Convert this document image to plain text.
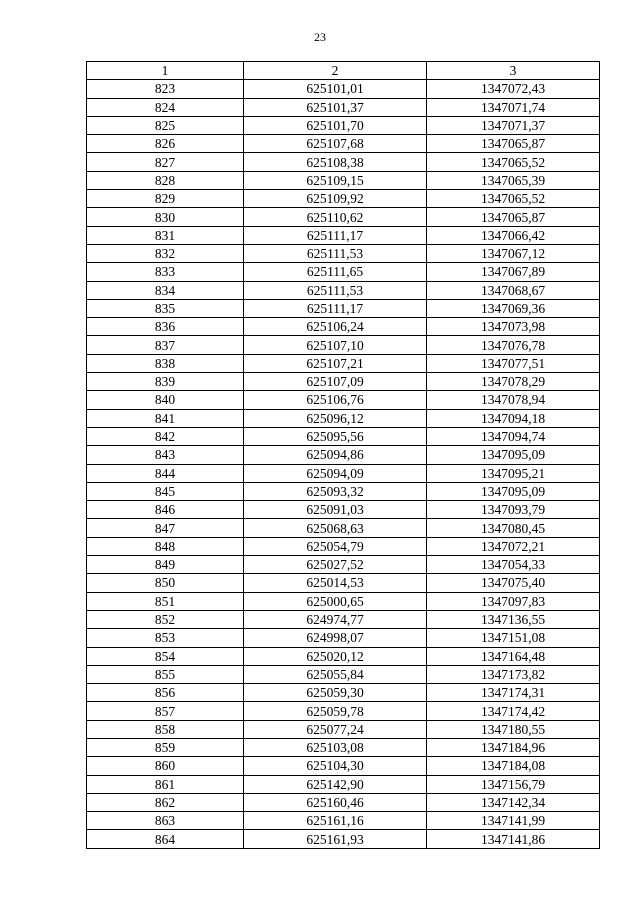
23
1	2	3
823	625101,01	1347072,43
824	625101,37	1347071,74
825	625101,70	1347071,37
826	625107,68	1347065,87
827	625108,38	1347065,52
828	625109,15	1347065,39
829	625109,92	1347065,52
830	625110,62	1347065,87
831	625111,17	1347066,42
832	625111,53	1347067,12
833	625111,65	1347067,89
834	625111,53	1347068,67
835	625111,17	1347069,36
836	625106,24	1347073,98
837	625107,10	1347076,78
838	625107,21	1347077,51
839	625107,09	1347078,29
840	625106,76	1347078,94
841	625096,12	1347094,18
842	625095,56	1347094,74
843	625094,86	1347095,09
844	625094,09	1347095,21
845	625093,32	1347095,09
846	625091,03	1347093,79
847	625068,63	1347080,45
848	625054,79	1347072,21
849	625027,52	1347054,33
850	625014,53	1347075,40
851	625000,65	1347097,83
852	624974,77	1347136,55
853	624998,07	1347151,08
854	625020,12	1347164,48
855	625055,84	1347173,82
856	625059,30	1347174,31
857	625059,78	1347174,42
858	625077,24	1347180,55
859	625103,08	1347184,96
860	625104,30	1347184,08
861	625142,90	1347156,79
862	625160,46	1347142,34
863	625161,16	1347141,99
864	625161,93	1347141,86
